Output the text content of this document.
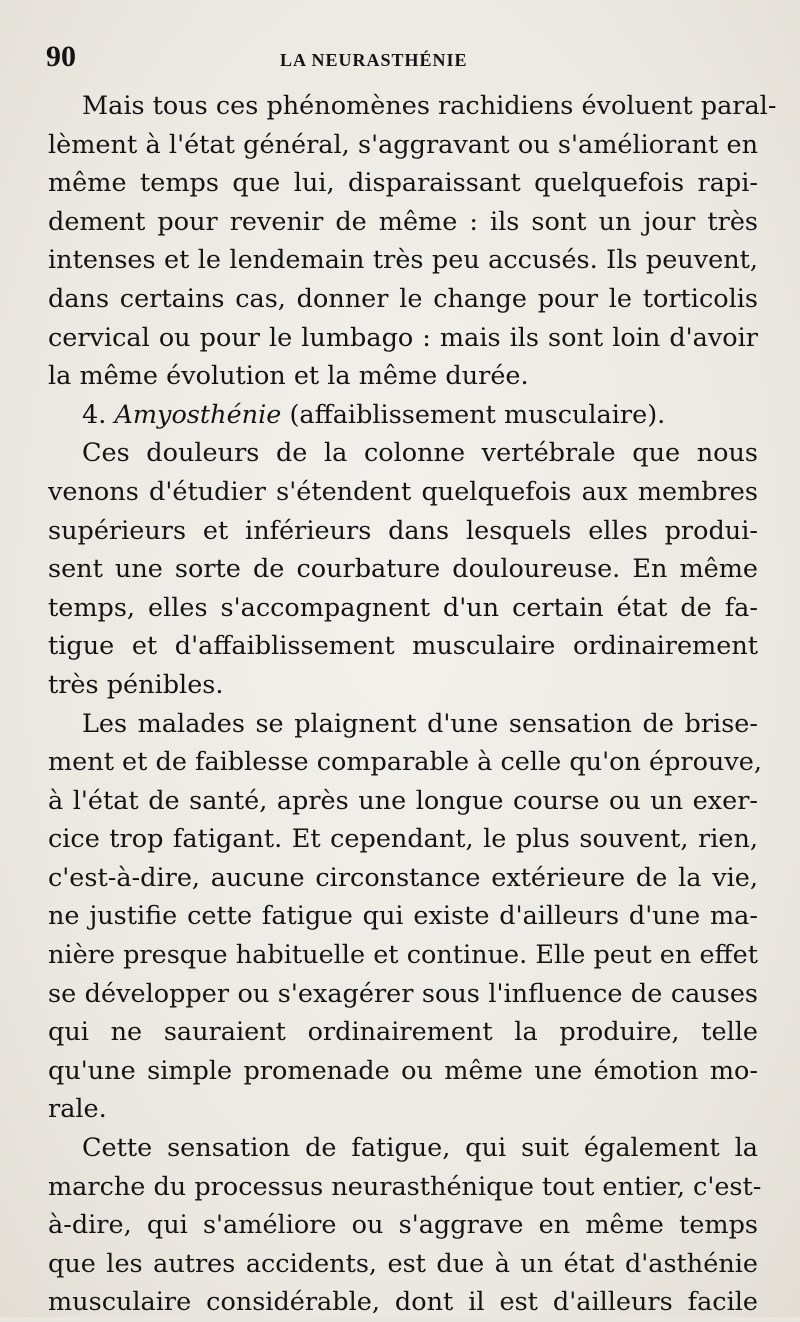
90	LA NEURASTHÉNIE
Mais tous ces phénomènes rachidiens évoluent paral-
lèment à l'état général, s'aggravant ou s'améliorant en
même temps que lui, disparaissant quelquefois rapi-
dement pour revenir de même : ils sont un jour très
intenses et le lendemain très peu accusés. Ils peuvent,
dans certains cas, donner le change pour le torticolis
cervical ou pour le lumbago : mais ils sont loin d'avoir
la même évolution et la même durée.
4. Amyosthénie (affaiblissement musculaire).
Ces douleurs de la colonne vertébrale que nous
venons d'étudier s'étendent quelquefois aux membres
supérieurs et inférieurs dans lesquels elles produi-
sent une sorte de courbature douloureuse. En même
temps, elles s'accompagnent d'un certain état de fa-
tigue et d'affaiblissement musculaire ordinairement
très pénibles.
Les malades se plaignent d'une sensation de brise-
ment et de faiblesse comparable à celle qu'on éprouve,
à l'état de santé, après une longue course ou un exer-
cice trop fatigant. Et cependant, le plus souvent, rien,
c'est-à-dire, aucune circonstance extérieure de la vie,
ne justifie cette fatigue qui existe d'ailleurs d'une ma-
nière presque habituelle et continue. Elle peut en effet
se développer ou s'exagérer sous l'influence de causes
qui ne sauraient ordinairement la produire, telle
qu'une simple promenade ou même une émotion mo-
rale.
Cette sensation de fatigue, qui suit également la
marche du processus neurasthénique tout entier, c'est-
à-dire, qui s'améliore ou s'aggrave en même temps
que les autres accidents, est due à un état d'asthénie
musculaire considérable, dont il est d'ailleurs facile
